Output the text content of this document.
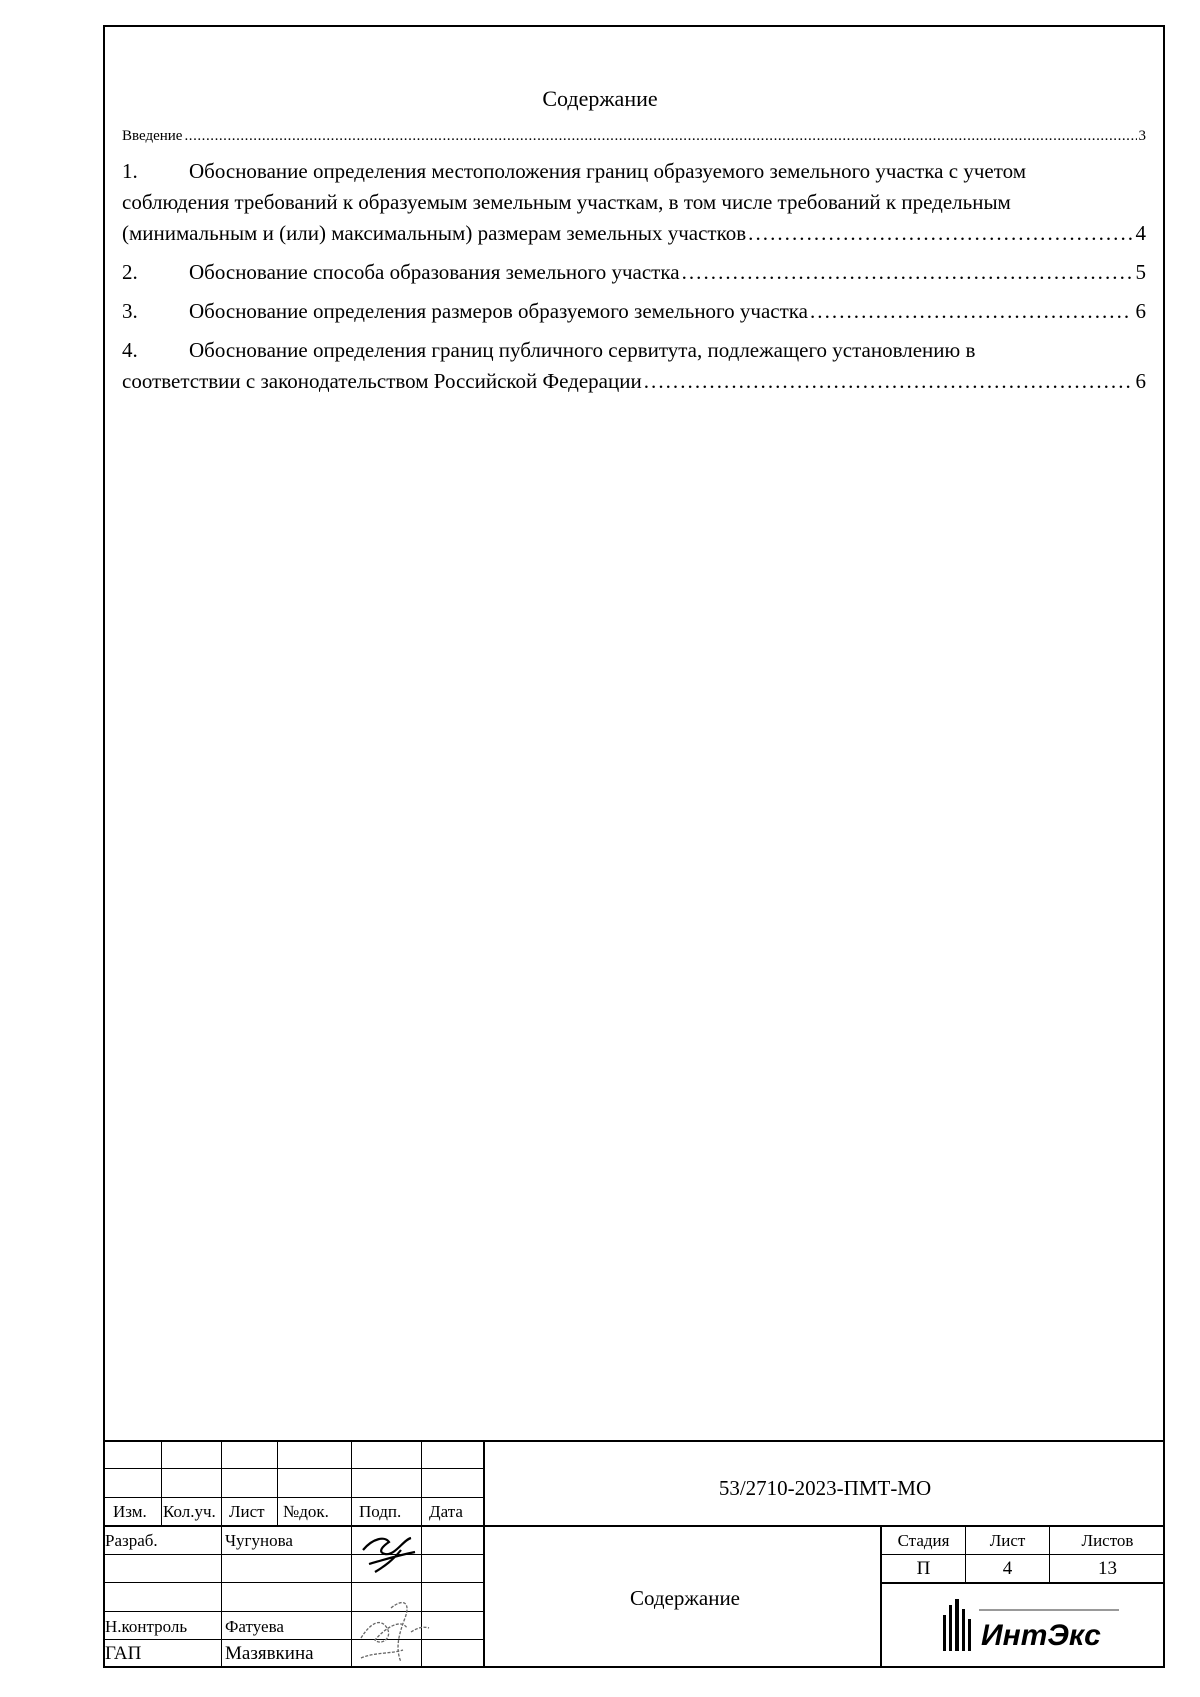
Содержание
Введение . . .	3
1. Обоснование определения местоположения границ образуемого земельного участка с учетом
соблюдения требований к образуемым земельным участкам, в том числе требований к предельным
(минимальным и (или) максимальным) размерам земельных участков . . .	4
2.	Обоснование способа образования земельного участка . . .	5
3.	Обоснование определения размеров образуемого земельного участка . . .	6
4. Обоснование определения границ публичного сервитута, подлежащего установлению в
соответствии с законодательством Российской Федерации . . .	6
Изм. Кол.уч. Лист №док. Подп. Дата
Разраб.	Чугунова
Н.контроль Фатуева
ГАП	Мазявкина
53/2710-2023-ПМТ-МО
Содержание
Стадия	Лист	Листов
П	4	13
ИнтЭкс
